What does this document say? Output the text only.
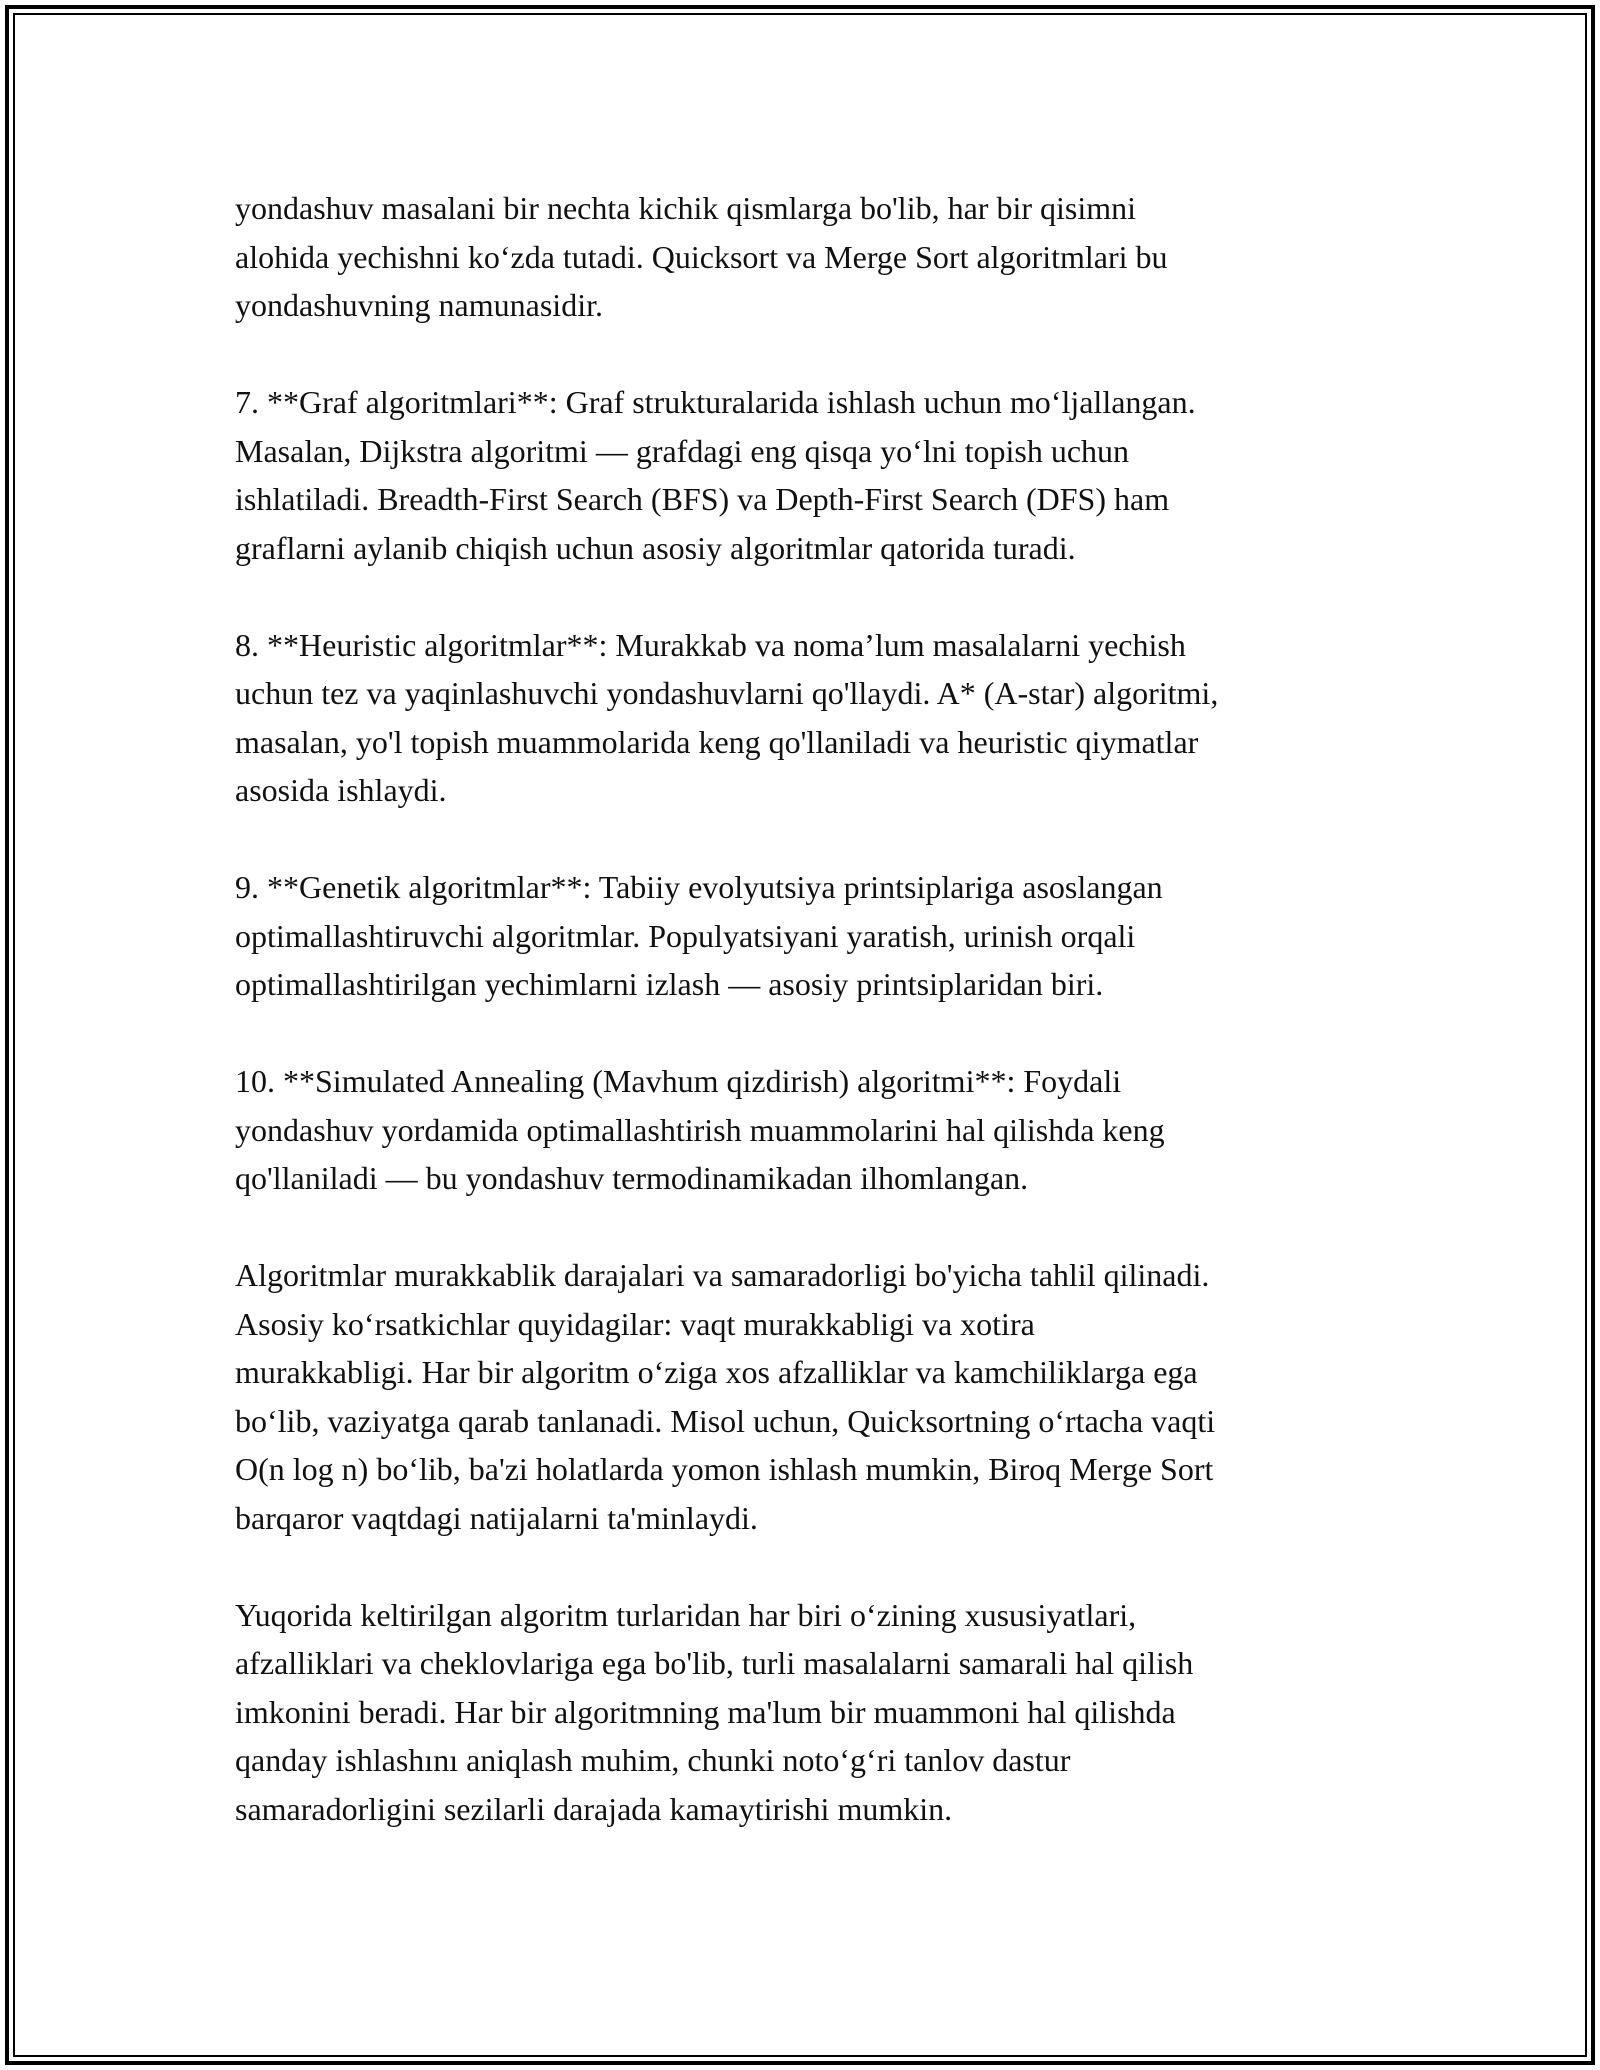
yondashuv masalani bir nechta kichik qismlarga bo'lib, har bir qisimni
alohida yechishni ko‘zda tutadi. Quicksort va Merge Sort algoritmlari bu
yondashuvning namunasidir.

7. **Graf algoritmlari**: Graf strukturalarida ishlash uchun mo‘ljallangan.
Masalan, Dijkstra algoritmi — grafdagi eng qisqa yo‘lni topish uchun
ishlatiladi. Breadth-First Search (BFS) va Depth-First Search (DFS) ham
graflarni aylanib chiqish uchun asosiy algoritmlar qatorida turadi.

8. **Heuristic algoritmlar**: Murakkab va noma’lum masalalarni yechish
uchun tez va yaqinlashuvchi yondashuvlarni qo'llaydi. A* (A-star) algoritmi,
masalan, yo'l topish muammolarida keng qo'llaniladi va heuristic qiymatlar
asosida ishlaydi.

9. **Genetik algoritmlar**: Tabiiy evolyutsiya printsiplariga asoslangan
optimallashtiruvchi algoritmlar. Populyatsiyani yaratish, urinish orqali
optimallashtirilgan yechimlarni izlash — asosiy printsiplaridan biri.

10. **Simulated Annealing (Mavhum qizdirish) algoritmi**: Foydali
yondashuv yordamida optimallashtirish muammolarini hal qilishda keng
qo'llaniladi — bu yondashuv termodinamikadan ilhomlangan.

Algoritmlar murakkablik darajalari va samaradorligi bo'yicha tahlil qilinadi.
Asosiy ko‘rsatkichlar quyidagilar: vaqt murakkabligi va xotira
murakkabligi. Har bir algoritm o‘ziga xos afzalliklar va kamchiliklarga ega
bo‘lib, vaziyatga qarab tanlanadi. Misol uchun, Quicksortning o‘rtacha vaqti
O(n log n) bo‘lib, ba'zi holatlarda yomon ishlash mumkin, Biroq Merge Sort
barqaror vaqtdagi natijalarni ta'minlaydi.

Yuqorida keltirilgan algoritm turlaridan har biri o‘zining xususiyatlari,
afzalliklari va cheklovlariga ega bo'lib, turli masalalarni samarali hal qilish
imkonini beradi. Har bir algoritmning ma'lum bir muammoni hal qilishda
qanday ishlashını aniqlash muhim, chunki noto‘g‘ri tanlov dastur
samaradorligini sezilarli darajada kamaytirishi mumkin.
